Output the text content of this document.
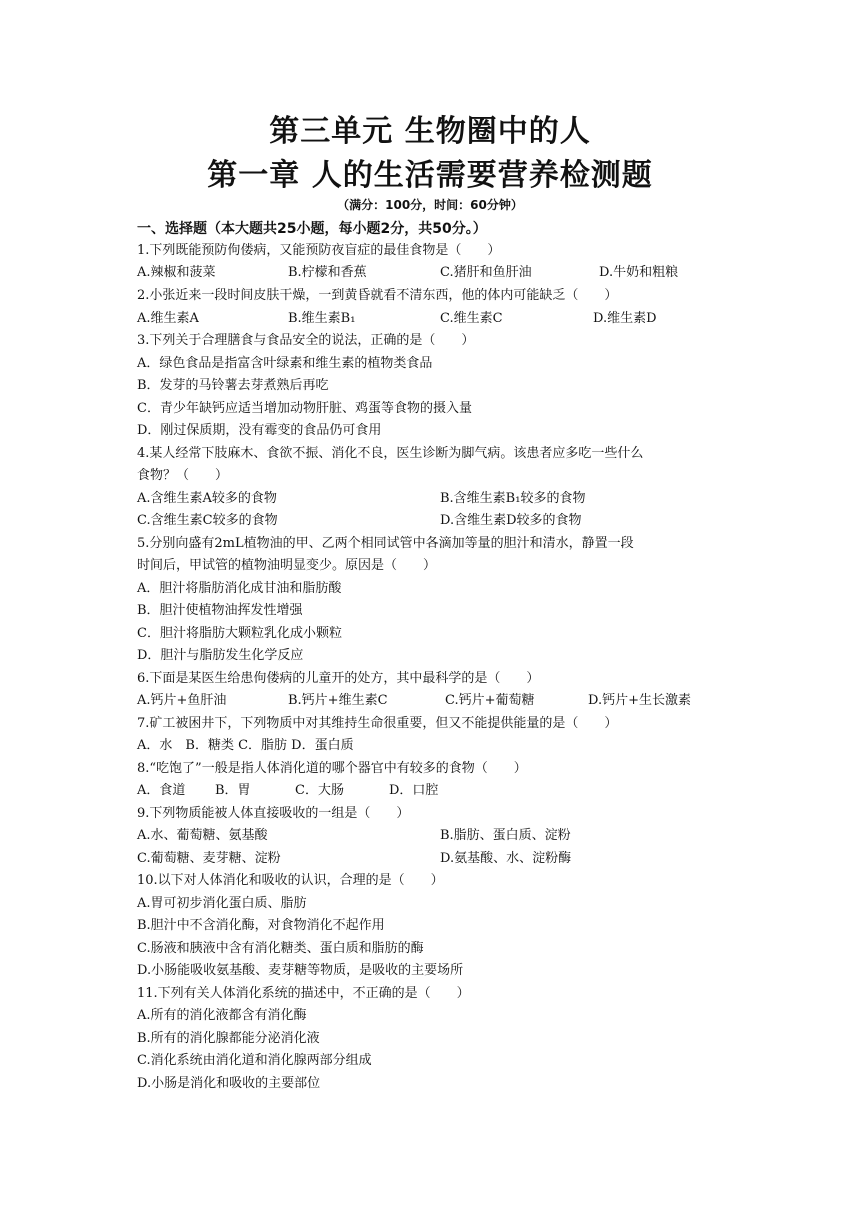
第三单元 生物圈中的人
第一章 人的生活需要营养检测题
（满分：100分，时间：60分钟）
一、选择题（本大题共25小题，每小题2分，共50分。）
1.下列既能预防佝偻病，又能预防夜盲症的最佳食物是（　　）
A.辣椒和菠菜	B.柠檬和香蕉	C.猪肝和鱼肝油	D.牛奶和粗粮
2.小张近来一段时间皮肤干燥，一到黄昏就看不清东西，他的体内可能缺乏（　　）
A.维生素A	B.维生素B₁	C.维生素C	D.维生素D
3.下列关于合理膳食与食品安全的说法，正确的是（　　）
A．绿色食品是指富含叶绿素和维生素的植物类食品
B．发芽的马铃薯去芽煮熟后再吃
C．青少年缺钙应适当增加动物肝脏、鸡蛋等食物的摄入量
D．刚过保质期，没有霉变的食品仍可食用
4.某人经常下肢麻木、食欲不振、消化不良，医生诊断为脚气病。该患者应多吃一些什么
食物？（　　）
A.含维生素A较多的食物	B.含维生素B₁较多的食物
C.含维生素C较多的食物	D.含维生素D较多的食物
5.分别向盛有2mL植物油的甲、乙两个相同试管中各滴加等量的胆汁和清水，静置一段
时间后，甲试管的植物油明显变少。原因是（　　）
A．胆汁将脂肪消化成甘油和脂肪酸
B．胆汁使植物油挥发性增强
C．胆汁将脂肪大颗粒乳化成小颗粒
D．胆汁与脂肪发生化学反应
6.下面是某医生给患佝偻病的儿童开的处方，其中最科学的是（　　）
A.钙片+鱼肝油	B.钙片+维生素C	C.钙片+葡萄糖	D.钙片+生长激素
7.矿工被困井下，下列物质中对其维持生命很重要，但又不能提供能量的是（　　）
A．水　B．糖类 C．脂肪 D．蛋白质
8.“吃饱了”一般是指人体消化道的哪个器官中有较多的食物（　　）
A．食道 B．胃	C．大肠	D．口腔
9.下列物质能被人体直接吸收的一组是（　　）
A.水、葡萄糖、氨基酸	B.脂肪、蛋白质、淀粉
C.葡萄糖、麦芽糖、淀粉	D.氨基酸、水、淀粉酶
10.以下对人体消化和吸收的认识，合理的是（　　）
A.胃可初步消化蛋白质、脂肪
B.胆汁中不含消化酶，对食物消化不起作用
C.肠液和胰液中含有消化糖类、蛋白质和脂肪的酶
D.小肠能吸收氨基酸、麦芽糖等物质，是吸收的主要场所
11.下列有关人体消化系统的描述中，不正确的是（　　）
A.所有的消化液都含有消化酶
B.所有的消化腺都能分泌消化液
C.消化系统由消化道和消化腺两部分组成
D.小肠是消化和吸收的主要部位
